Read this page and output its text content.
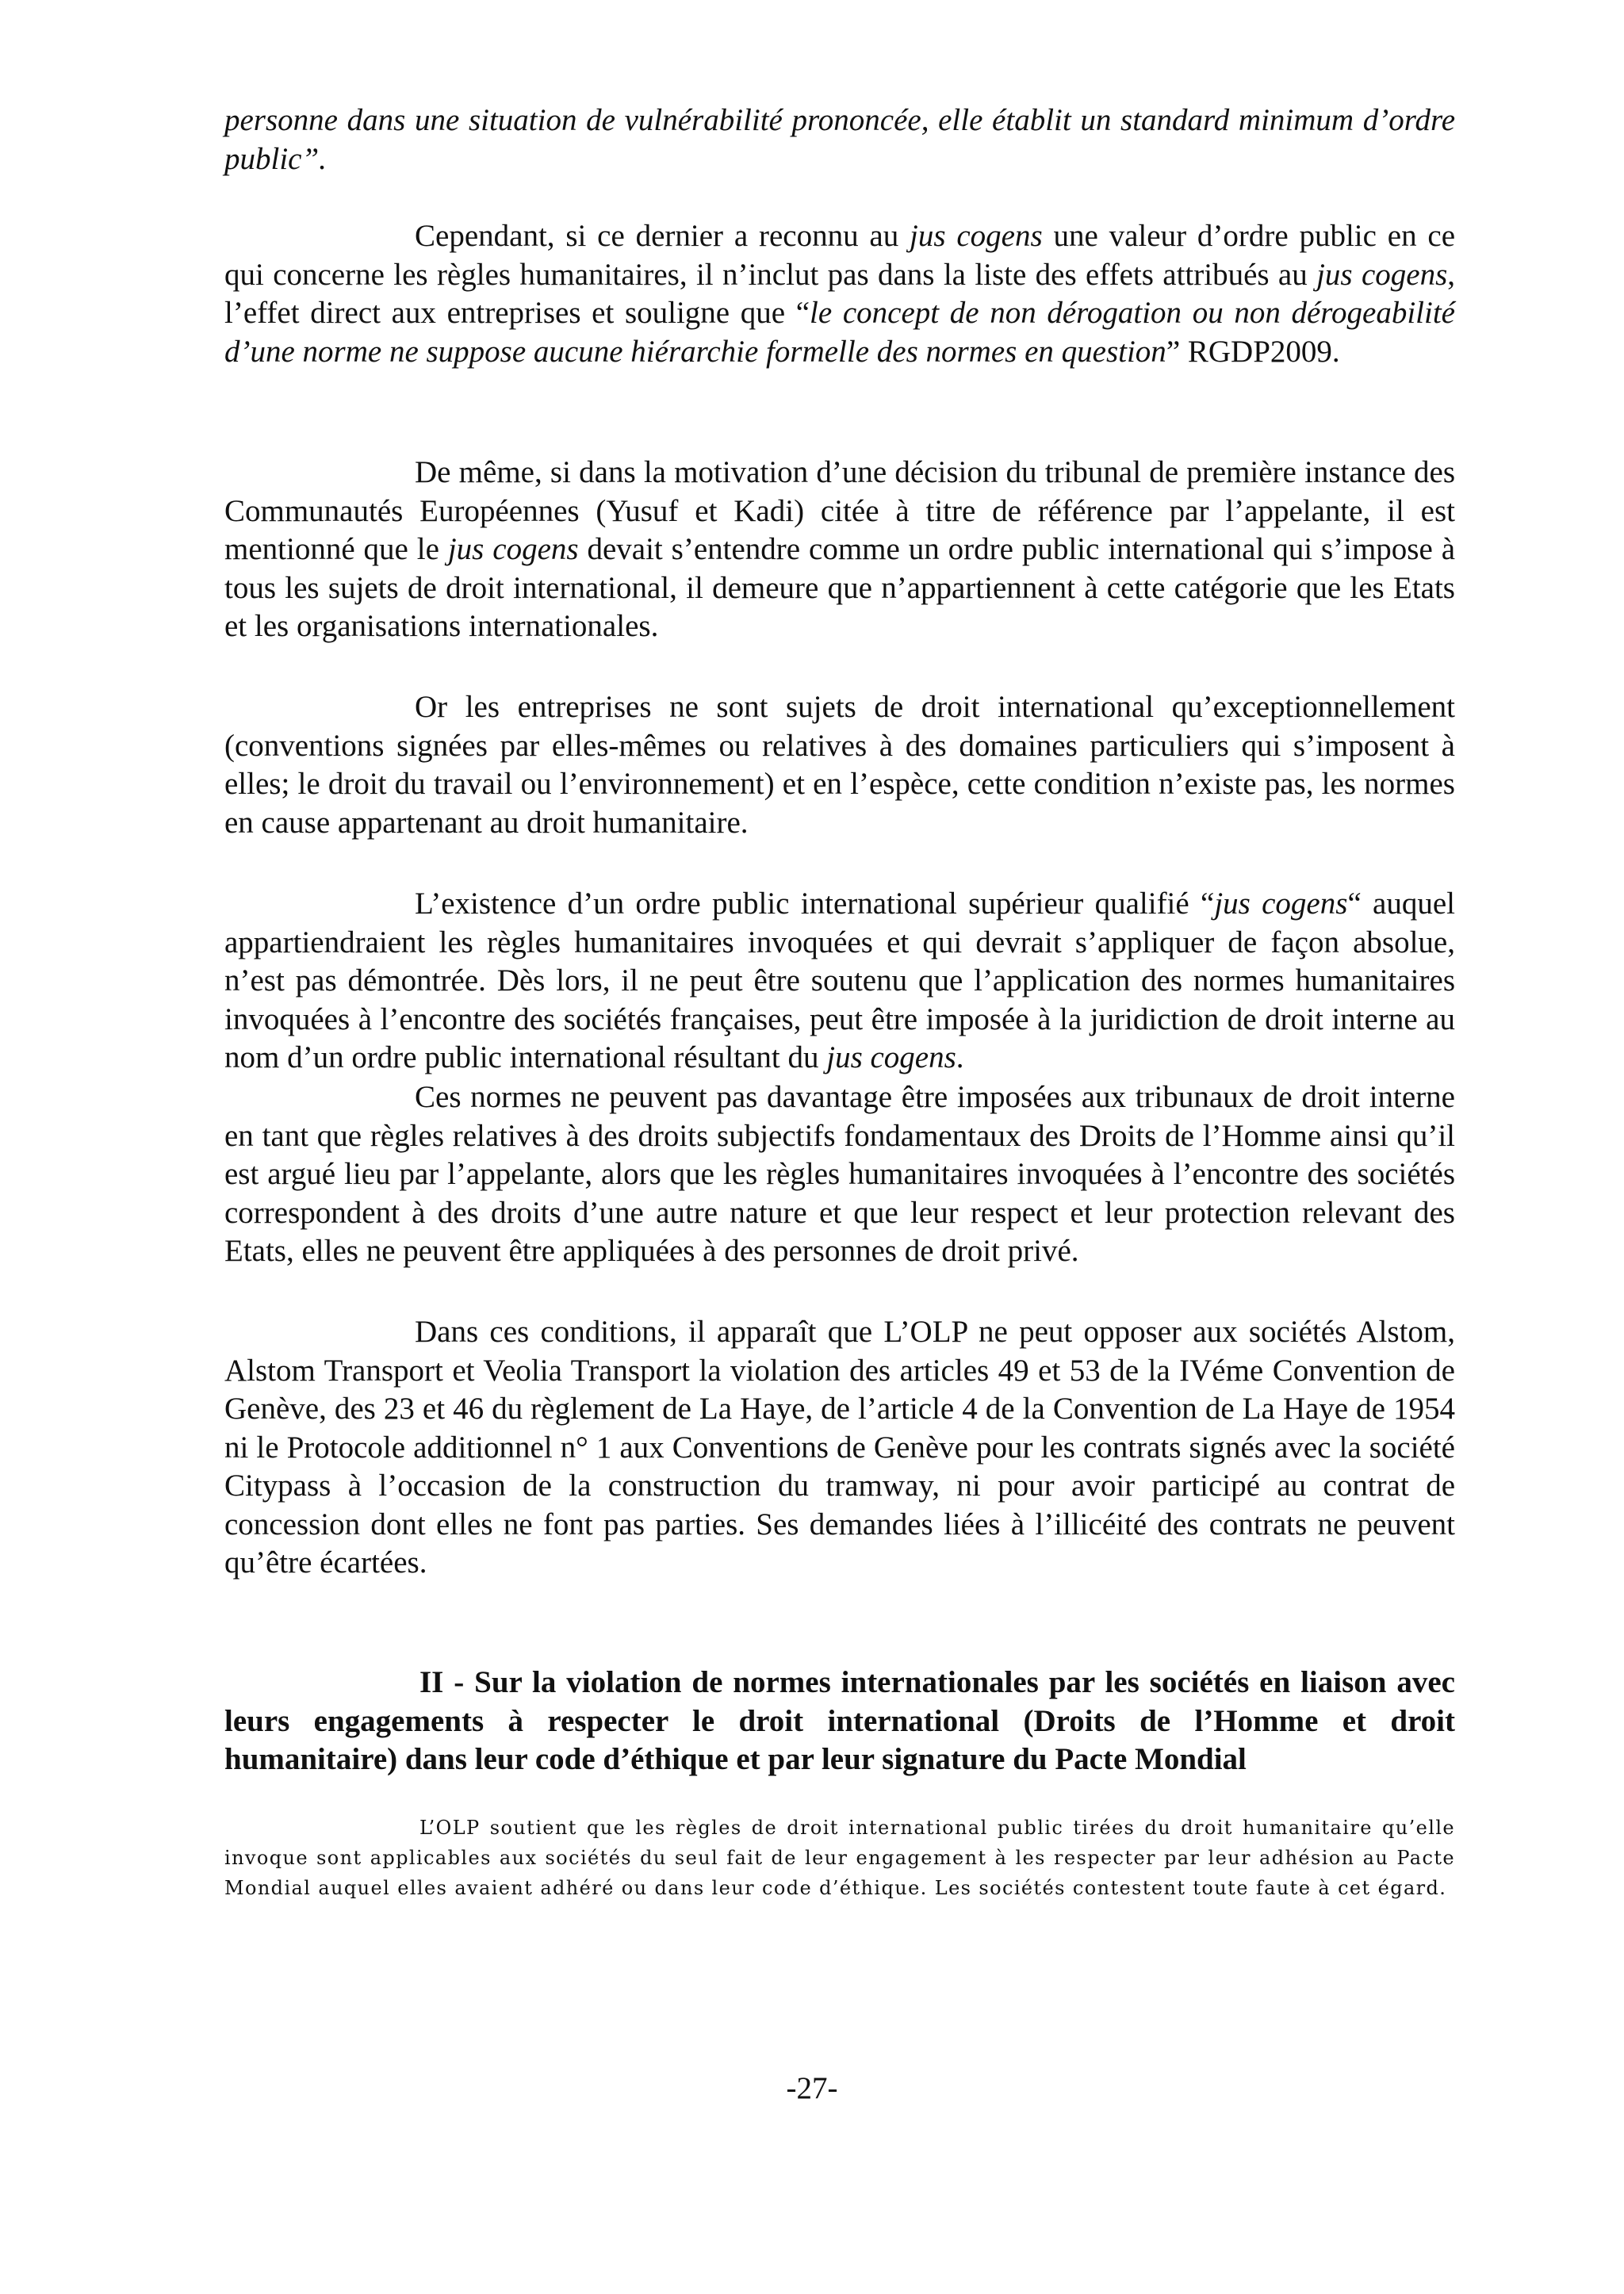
personne dans une situation de vulnérabilité prononcée, elle établit un standard minimum d’ordre public”.

Cependant, si ce dernier a reconnu au jus cogens une valeur d’ordre public en ce qui concerne les règles humanitaires, il n’inclut pas dans la liste des effets attribués au jus cogens, l’effet direct aux entreprises et souligne que “le concept de non dérogation ou non dérogeabilité d’une norme ne suppose aucune hiérarchie formelle des normes en question” RGDP2009.

De même, si dans la motivation d’une décision du tribunal de première instance des Communautés Européennes (Yusuf et Kadi) citée à titre de référence par l’appelante, il est mentionné que le jus cogens devait s’entendre comme un ordre public international qui s’impose à tous les sujets de droit international, il demeure que n’appartiennent à cette catégorie que les Etats et les organisations internationales.

Or les entreprises ne sont sujets de droit international qu’exceptionnellement (conventions signées par elles-mêmes ou relatives à des domaines particuliers qui s’imposent à elles; le droit du travail ou l’environnement) et en l’espèce, cette condition n’existe pas, les normes en cause appartenant au droit humanitaire.

L’existence d’un ordre public international supérieur qualifié “jus cogens“ auquel appartiendraient les règles humanitaires invoquées et qui devrait s’appliquer de façon absolue, n’est pas démontrée. Dès lors, il ne peut être soutenu que l’application des normes humanitaires invoquées à l’encontre des sociétés françaises, peut être imposée à la juridiction de droit interne au nom d’un ordre public international résultant du jus cogens.

Ces normes ne peuvent pas davantage être imposées aux tribunaux de droit interne en tant que règles relatives à des droits subjectifs fondamentaux des Droits de l’Homme ainsi qu’il est argué lieu par l’appelante, alors que les règles humanitaires invoquées à l’encontre des sociétés correspondent à des droits d’une autre nature et que leur respect et leur protection relevant des Etats, elles ne peuvent être appliquées à des personnes de droit privé.

Dans ces conditions, il apparaît que L’OLP ne peut opposer aux sociétés Alstom, Alstom Transport et Veolia Transport la violation des articles 49 et 53 de la IVéme Convention de Genève, des 23 et 46 du règlement de La Haye, de l’article 4 de la Convention de La Haye de 1954 ni le Protocole additionnel n° 1 aux Conventions de Genève pour les contrats signés avec la société Citypass à l’occasion de la construction du tramway, ni pour avoir participé au contrat de concession dont elles ne font pas parties. Ses demandes liées à l’illicéité des contrats ne peuvent qu’être écartées.

II - Sur la violation de normes internationales par les sociétés en liaison avec leurs engagements à respecter le droit international (Droits de l’Homme et droit humanitaire) dans leur code d’éthique et par leur signature du Pacte Mondial

L’OLP soutient que les règles de droit international public tirées du droit humanitaire qu’elle invoque sont applicables aux sociétés du seul fait de leur engagement à les respecter par leur adhésion au Pacte Mondial auquel elles avaient adhéré ou dans leur code d’éthique. Les sociétés contestent toute faute à cet égard.

-27-
